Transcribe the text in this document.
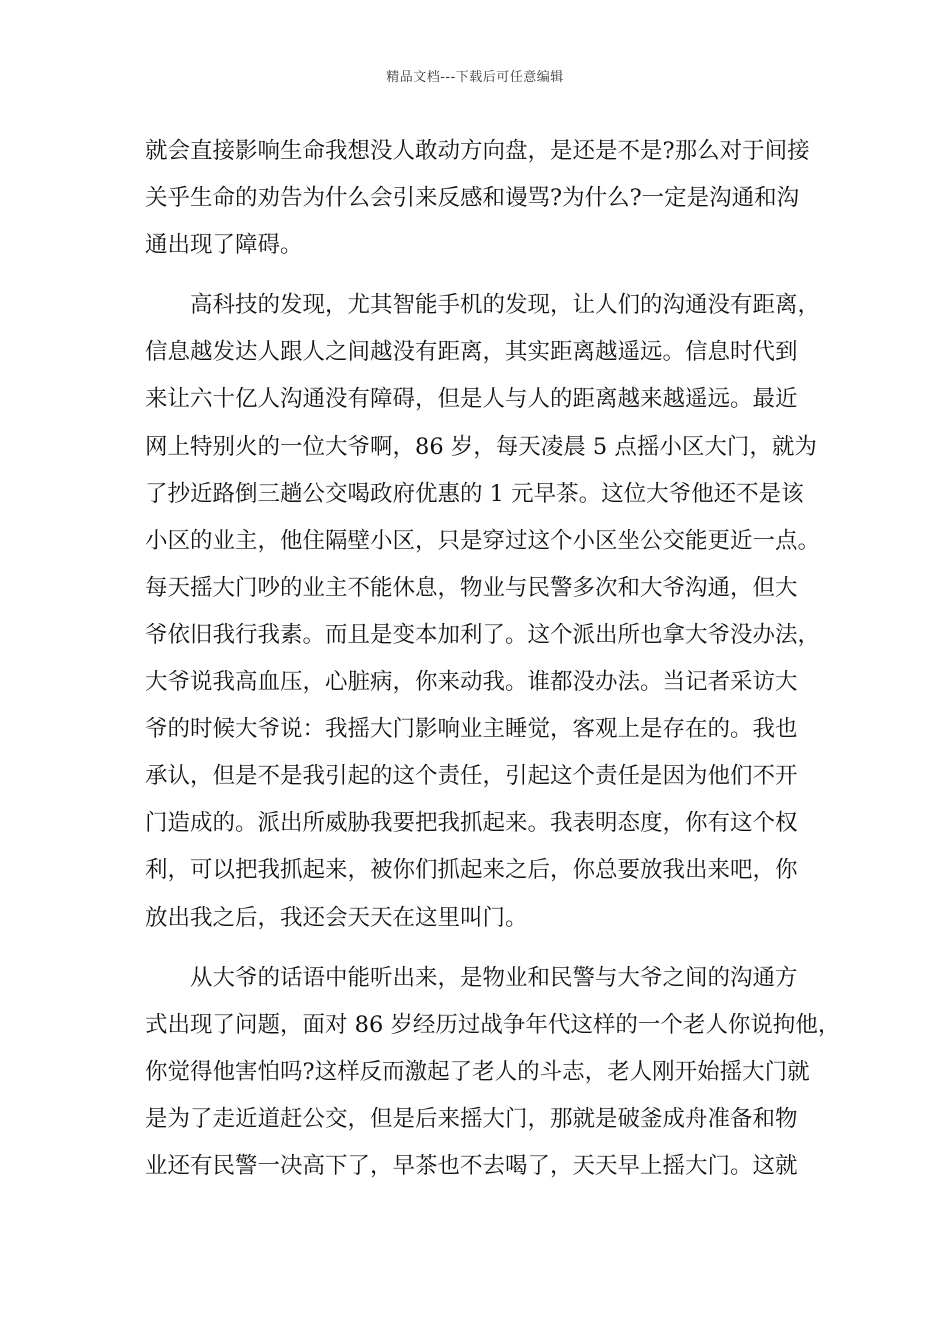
精品文档---下载后可任意编辑
就会直接影响生命我想没人敢动方向盘，是还是不是?那么对于间接
关乎生命的劝告为什么会引来反感和谩骂?为什么?一定是沟通和沟
通出现了障碍。
　　高科技的发现，尤其智能手机的发现，让人们的沟通没有距离，
信息越发达人跟人之间越没有距离，其实距离越遥远。信息时代到
来让六十亿人沟通没有障碍，但是人与人的距离越来越遥远。最近
网上特别火的一位大爷啊，86 岁，每天凌晨 5 点摇小区大门，就为
了抄近路倒三趟公交喝政府优惠的 1 元早茶。这位大爷他还不是该
小区的业主，他住隔壁小区，只是穿过这个小区坐公交能更近一点。
每天摇大门吵的业主不能休息，物业与民警多次和大爷沟通，但大
爷依旧我行我素。而且是变本加利了。这个派出所也拿大爷没办法，
大爷说我高血压，心脏病，你来动我。谁都没办法。当记者采访大
爷的时候大爷说：我摇大门影响业主睡觉，客观上是存在的。我也
承认，但是不是我引起的这个责任，引起这个责任是因为他们不开
门造成的。派出所威胁我要把我抓起来。我表明态度，你有这个权
利，可以把我抓起来，被你们抓起来之后，你总要放我出来吧，你
放出我之后，我还会天天在这里叫门。
　　从大爷的话语中能听出来，是物业和民警与大爷之间的沟通方
式出现了问题，面对 86 岁经历过战争年代这样的一个老人你说拘他，
你觉得他害怕吗?这样反而激起了老人的斗志，老人刚开始摇大门就
是为了走近道赶公交，但是后来摇大门，那就是破釜成舟准备和物
业还有民警一决高下了，早茶也不去喝了，天天早上摇大门。这就
